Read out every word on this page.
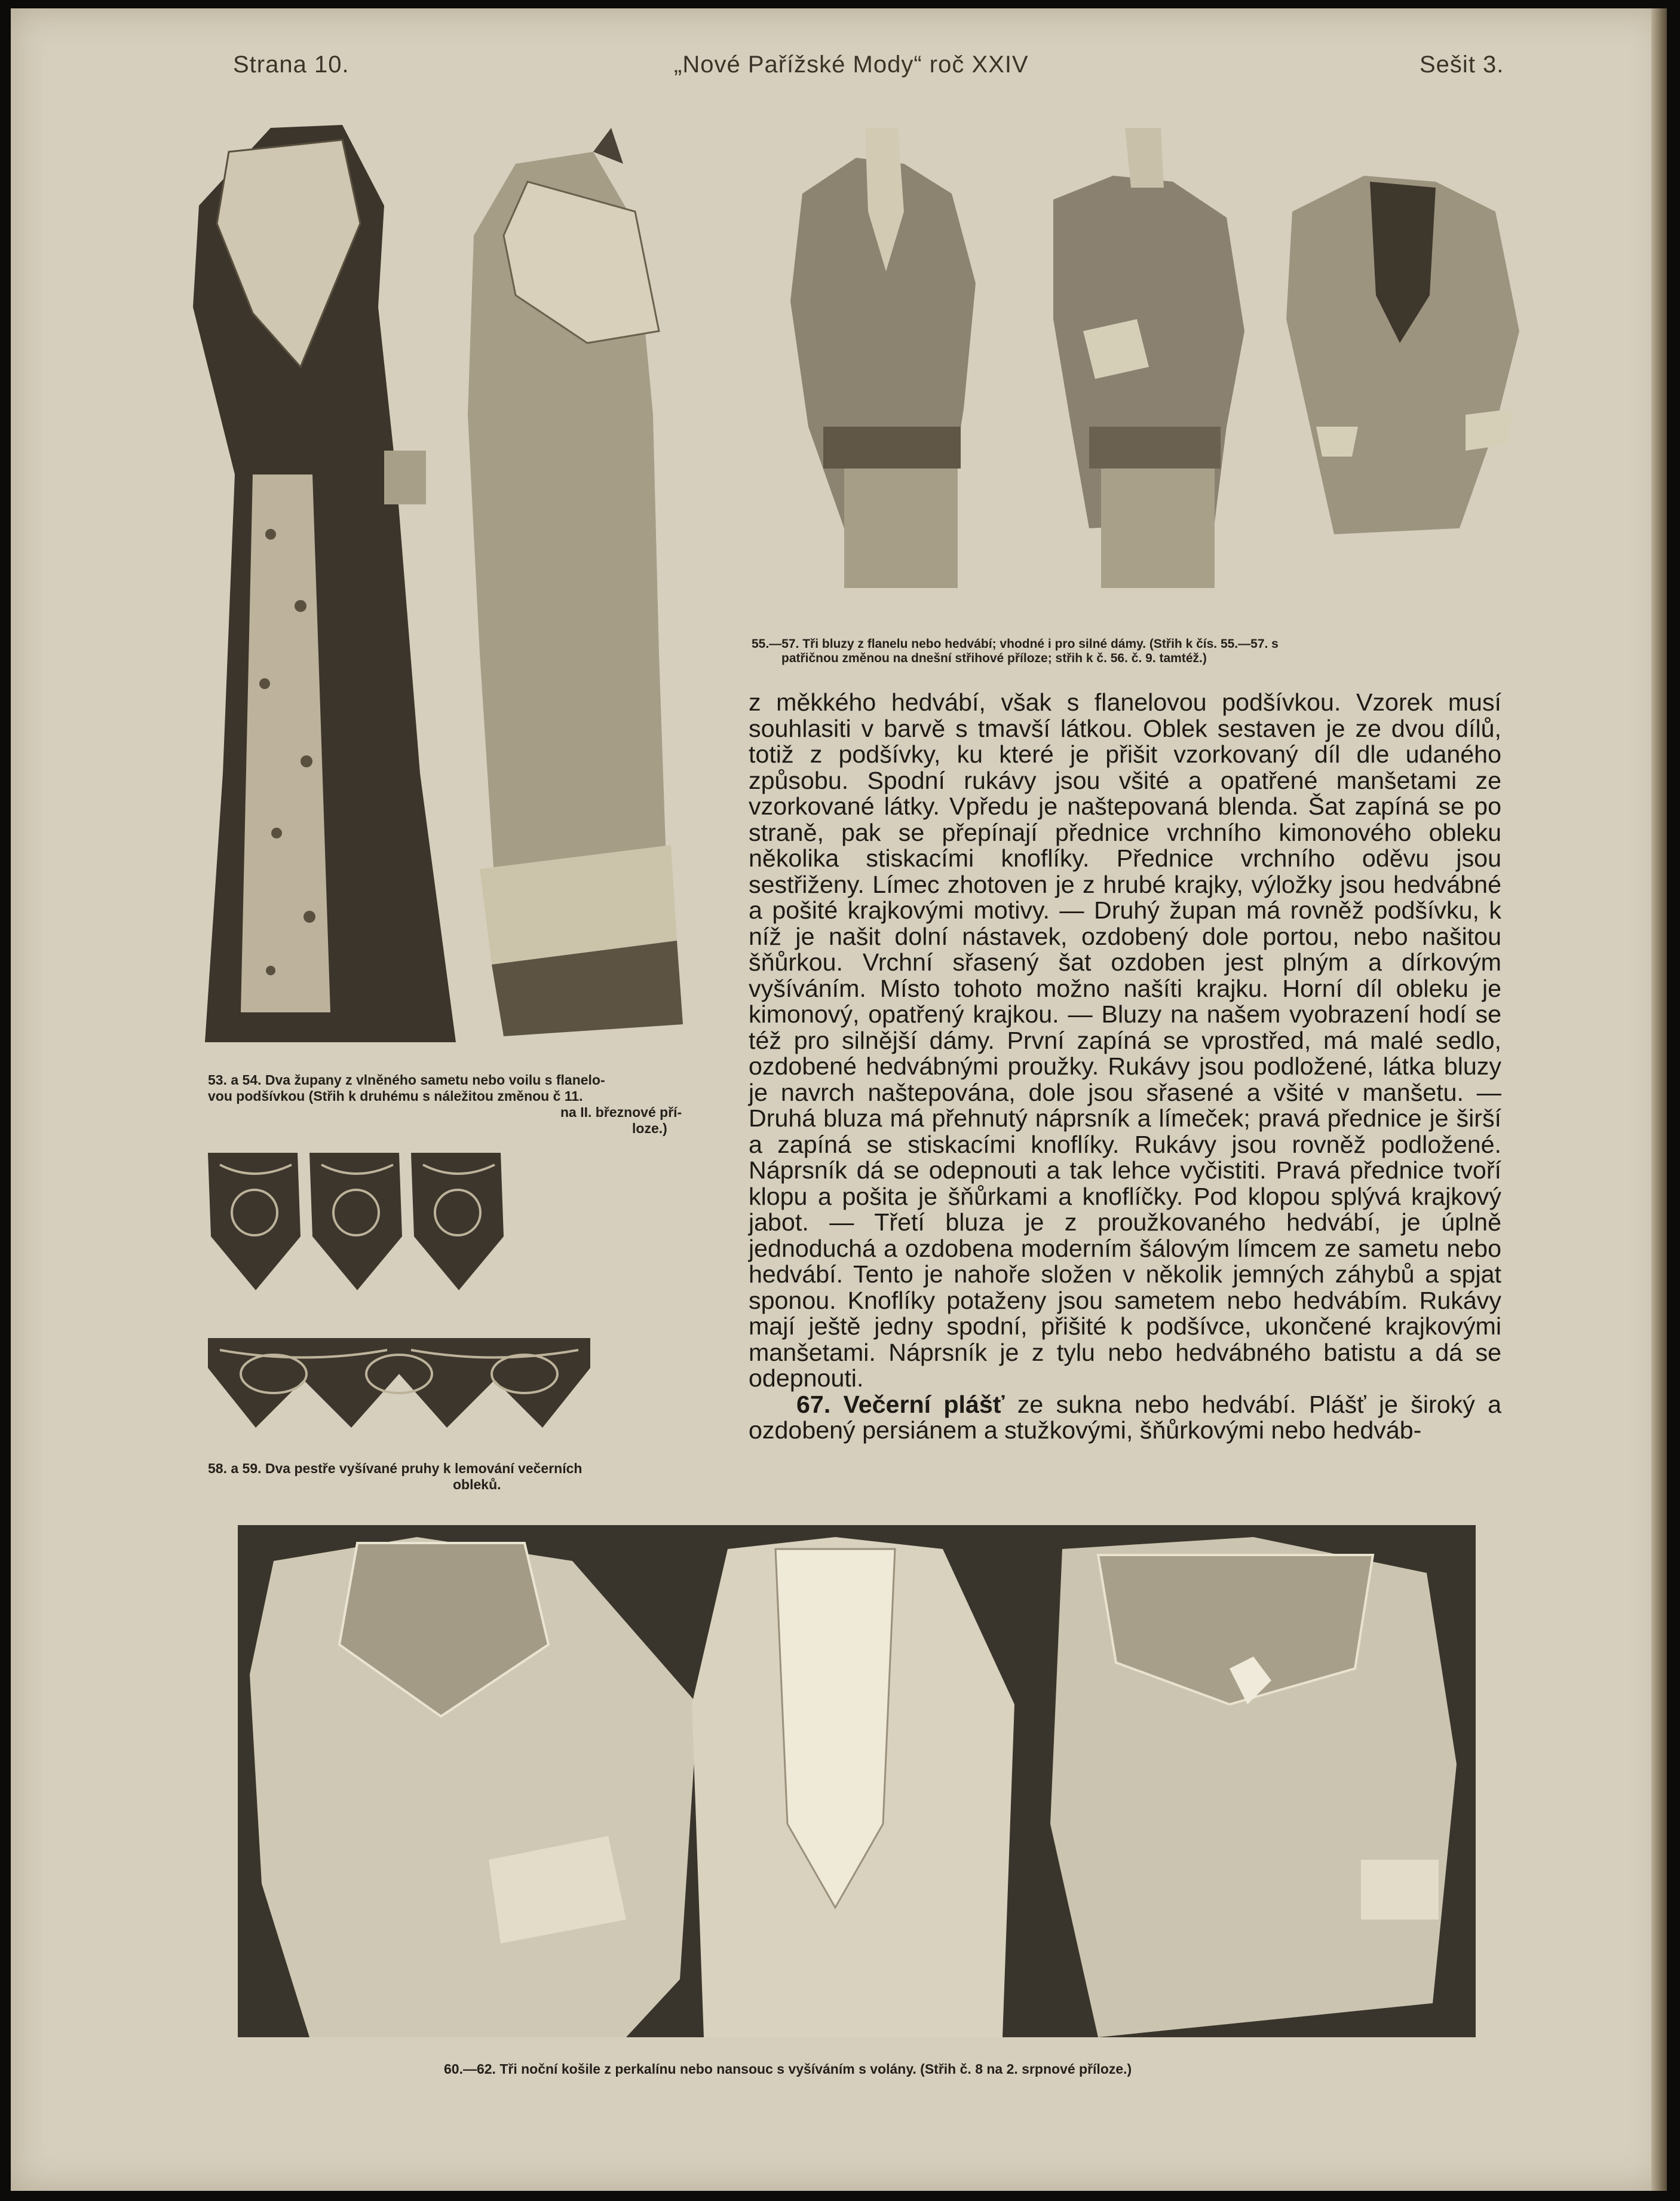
Strana 10.	„Nové Pařížské Mody“ roč XXIV	Sešit 3.
53. a 54. Dva župany z vlněného sametu nebo voilu s flanelo-
vou podšívkou (Střih k druhému s náležitou změnou č 11.
na II. březnové pří-
loze.)
55.—57. Tři bluzy z flanelu nebo hedvábí; vhodné i pro silné dámy. (Střih k čís. 55.—57. s
patřičnou změnou na dnešní střihové příloze; střih k č. 56. č. 9. tamtéž.)
58. a 59. Dva pestře vyšívané pruhy k lemování večerních
obleků.

z měkkého hedvábí, však s flanelovou podšívkou. Vzorek musí souhlasiti v barvě s tmavší látkou. Oblek sestaven je ze dvou dílů, totiž z podšívky, ku které je přišit vzorkovaný díl dle udaného způsobu. Spodní rukávy jsou všité a opatřené manšetami ze vzorkované látky. Vpředu je naštepovaná blenda. Šat zapíná se po straně, pak se přepínají přednice vrchního kimonového obleku několika stiskacími knoflíky. Přednice vrchního oděvu jsou sestřiženy. Límec zhotoven je z hrubé krajky, výložky jsou hedvábné a pošité krajkovými motivy. — Druhý župan má rovněž podšívku, k níž je našit dolní nástavek, ozdobený dole portou, nebo našitou šňůrkou. Vrchní sřasený šat ozdoben jest plným a dírkovým vyšíváním. Místo tohoto možno našíti krajku. Horní díl obleku je kimonový, opatřený krajkou. — Bluzy na našem vyobrazení hodí se též pro silnější dámy. První zapíná se vprostřed, má malé sedlo, ozdobené hedvábnými proužky. Rukávy jsou podložené, látka bluzy je navrch naštepována, dole jsou sřasené a všité v manšetu. — Druhá bluza má přehnutý náprsník a límeček; pravá přednice je širší a zapíná se stiskacími knoflíky. Rukávy jsou rovněž podložené. Náprsník dá se odepnouti a tak lehce vyčistiti. Pravá přednice tvoří klopu a pošita je šňůrkami a knoflíčky. Pod klopou splývá krajkový jabot. — Třetí bluza je z proužkovaného hedvábí, je úplně jednoduchá a ozdobena moderním šálovým límcem ze sametu nebo hedvábí. Tento je nahoře složen v několik jemných záhybů a spjat sponou. Knoflíky potaženy jsou sametem nebo hedvábím. Rukávy mají ještě jedny spodní, přišité k podšívce, ukončené krajkovými manšetami. Náprsník je z tylu nebo hedvábného batistu a dá se odepnouti.

67. Večerní plášť ze sukna nebo hedvábí. Plášť je široký a ozdobený persiánem a stužkovými, šňůrkovými nebo hedváb-

60.—62. Tři noční košile z perkalínu nebo nansouc s vyšíváním s volány. (Střih č. 8 na 2. srpnové příloze.)
